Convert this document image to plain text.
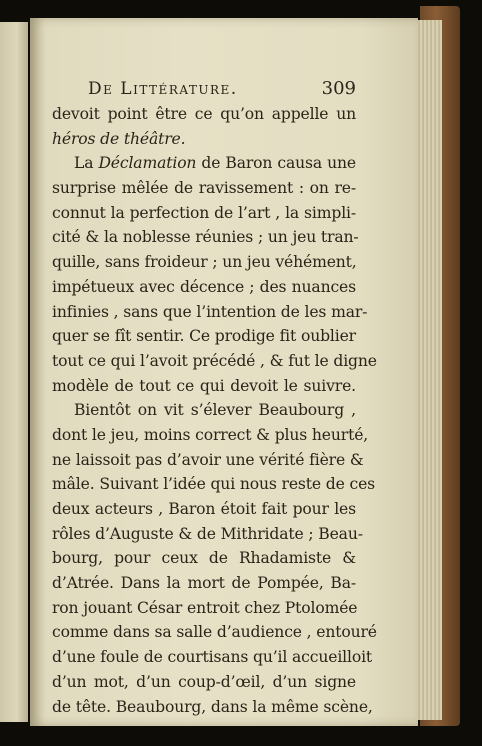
De Littérature.	309
devoit point être ce qu’on appelle un
héros de théâtre.
La Déclamation de Baron causa une
surprise mêlée de ravissement : on re-
connut la perfection de l’art , la simpli-
cité & la noblesse réunies ; un jeu tran-
quille, sans froideur ; un jeu véhément,
impétueux avec décence ; des nuances
infinies , sans que l’intention de les mar-
quer se fît sentir. Ce prodige fit oublier
tout ce qui l’avoit précédé , & fut le digne
modèle de tout ce qui devoit le suivre.
Bientôt on vit s’élever Beaubourg ,
dont le jeu, moins correct & plus heurté,
ne laissoit pas d’avoir une vérité fière &
mâle. Suivant l’idée qui nous reste de ces
deux acteurs , Baron étoit fait pour les
rôles d’Auguste & de Mithridate ; Beau-
bourg, pour ceux de Rhadamiste &
d’Atrée. Dans la mort de Pompée, Ba-
ron jouant César entroit chez Ptolomée
comme dans sa salle d’audience , entouré
d’une foule de courtisans qu’il accueilloit
d’un mot, d’un coup-d’œil, d’un signe
de tête. Beaubourg, dans la même scène,
